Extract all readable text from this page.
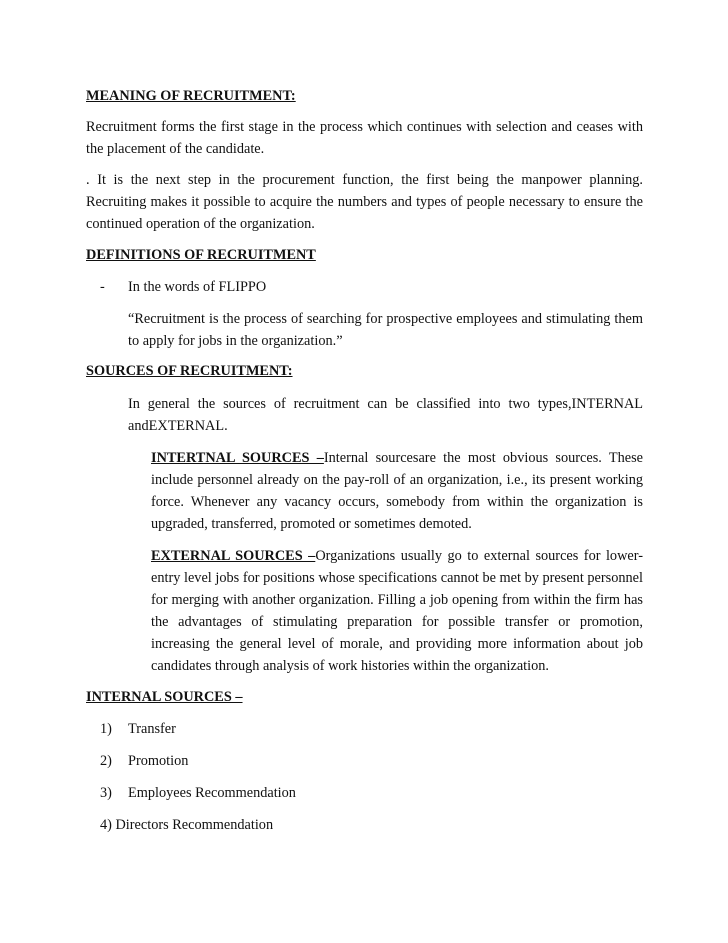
MEANING OF RECRUITMENT:

Recruitment forms the first stage in the process which continues with selection and ceases with the placement of the candidate.

. It is the next step in the procurement function, the first being the manpower planning. Recruiting makes it possible to acquire the numbers and types of people necessary to ensure the continued operation of the organization.

DEFINITIONS OF RECRUITMENT

-	In the words of FLIPPO

“Recruitment is the process of searching for prospective employees and stimulating them to apply for jobs in the organization.”

SOURCES OF RECRUITMENT:

In general the sources of recruitment can be classified into two types,INTERNAL andEXTERNAL.

INTERTNAL SOURCES –Internal sourcesare the most obvious sources. These include personnel already on the pay-roll of an organization, i.e., its present working force. Whenever any vacancy occurs, somebody from within the organization is upgraded, transferred, promoted or sometimes demoted.

EXTERNAL SOURCES –Organizations usually go to external sources for lower-entry level jobs for positions whose specifications cannot be met by present personnel for merging with another organization. Filling a job opening from within the firm has the advantages of stimulating preparation for possible transfer or promotion, increasing the general level of morale, and providing more information about job candidates through analysis of work histories within the organization.

INTERNAL SOURCES –

1)	Transfer
2)	Promotion
3)	Employees Recommendation
4) Directors Recommendation
